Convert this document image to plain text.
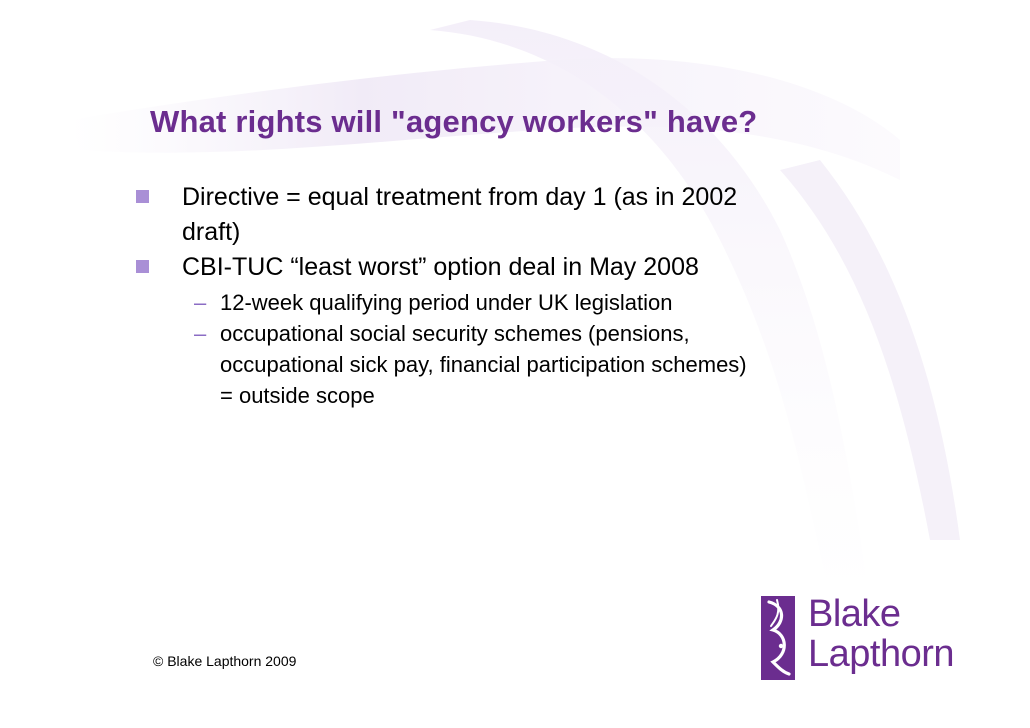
What rights will "agency workers" have?
Directive = equal treatment from day 1 (as in 2002
draft)
CBI-TUC “least worst” option deal in May 2008
– 12-week qualifying period under UK legislation
– occupational social security schemes (pensions,
occupational sick pay, financial participation schemes)
= outside scope
© Blake Lapthorn 2009
Blake
Lapthorn
